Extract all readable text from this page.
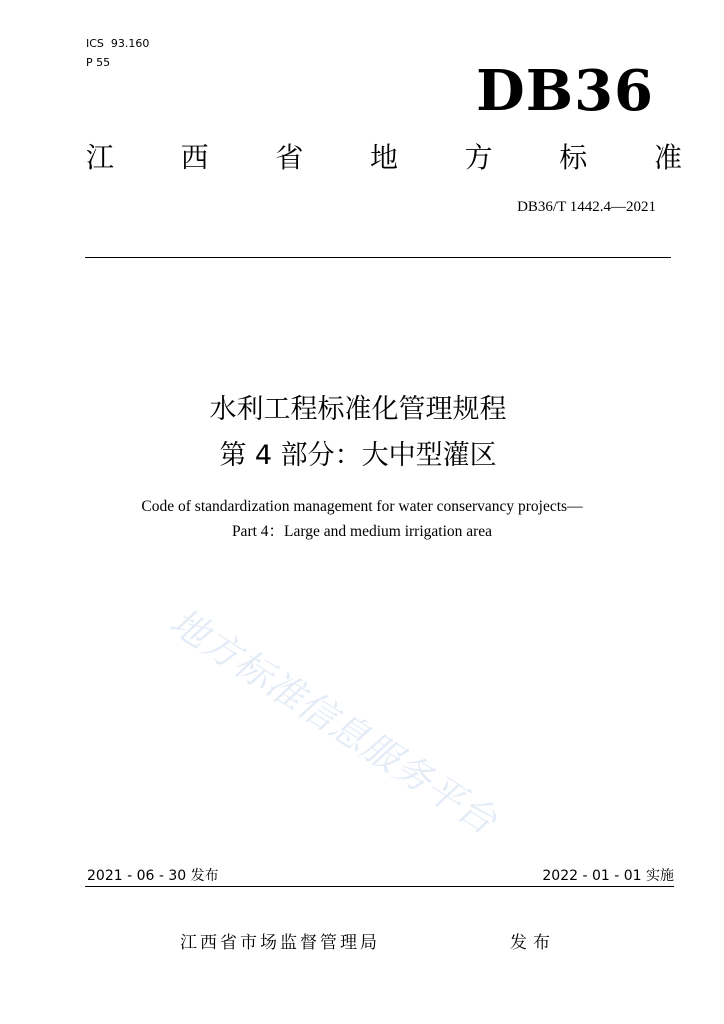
ICS  93.160
P 55	DB36
江 西 省 地 方 标 准
DB36/T 1442.4—2021
水利工程标准化管理规程
第 4 部分：大中型灌区
Code of standardization management for water conservancy projects—
Part 4：Large and medium irrigation area
地方标准信息服务平台
2021 - 06 - 30 发布	2022 - 01 - 01 实施
江西省市场监督管理局	发布
